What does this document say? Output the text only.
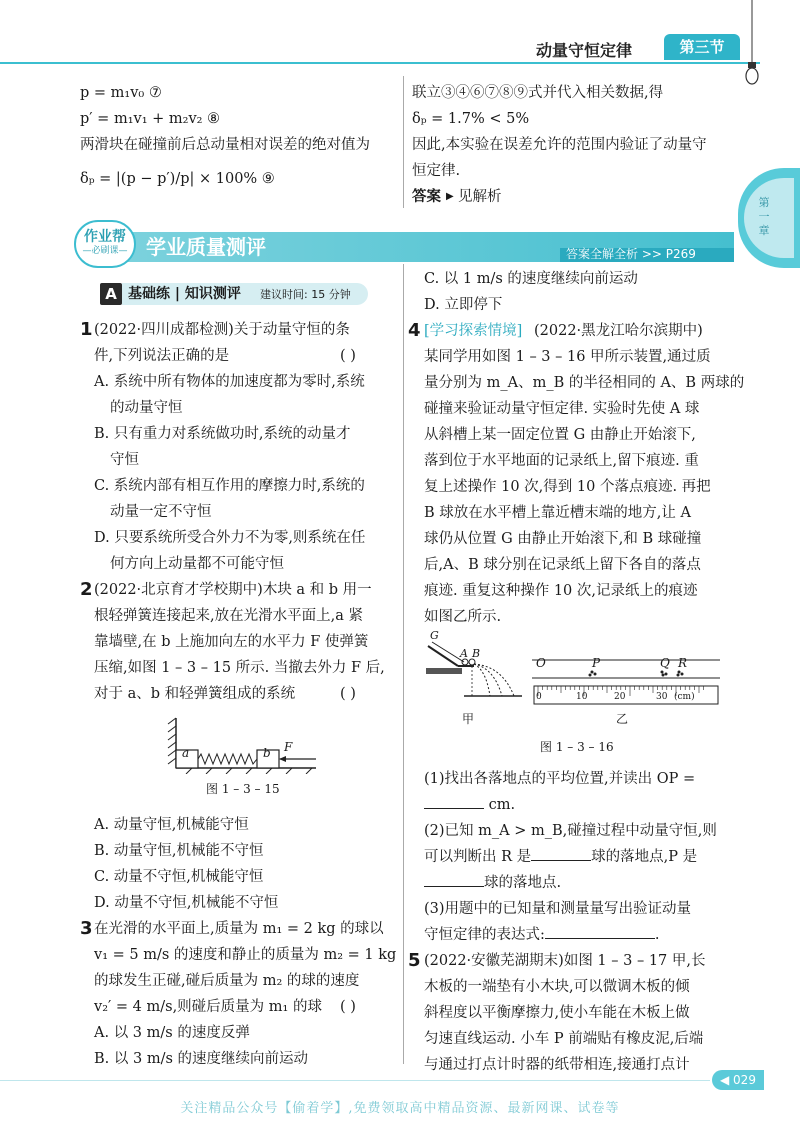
动量守恒定律	第三节
第一章
p = m₁v₀ ⑦
p′ = m₁v₁ + m₂v₂ ⑧
两滑块在碰撞前后总动量相对误差的绝对值为
δₚ = |(p − p′)/p| × 100% ⑨
联立③④⑥⑦⑧⑨式并代入相关数据,得
δₚ = 1.7% < 5%
因此,本实验在误差允许的范围内验证了动量守
恒定律.
答案 ▶ 见解析
作业帮
—必刷课— 学业质量测评	答案全解全析 >> P269
A 基础练 | 知识测评 建议时间: 15 分钟
1 (2022·四川成都检测)关于动量守恒的条
件,下列说法正确的是	( )
A. 系统中所有物体的加速度都为零时,系统
的动量守恒
B. 只有重力对系统做功时,系统的动量才
守恒
C. 系统内部有相互作用的摩擦力时,系统的
动量一定不守恒
D. 只要系统所受合外力不为零,则系统在任
何方向上动量都不可能守恒
2 (2022·北京育才学校期中)木块 a 和 b 用一
根轻弹簧连接起来,放在光滑水平面上,a 紧
靠墙壁,在 b 上施加向左的水平力 F 使弹簧
压缩,如图 1 – 3 – 15 所示. 当撤去外力 F 后,
对于 a、b 和轻弹簧组成的系统	( )
a	b F
图 1 – 3 – 15
A. 动量守恒,机械能守恒
B. 动量守恒,机械能不守恒
C. 动量不守恒,机械能守恒
D. 动量不守恒,机械能不守恒
3 在光滑的水平面上,质量为 m₁ = 2 kg 的球以
v₁ = 5 m/s 的速度和静止的质量为 m₂ = 1 kg
的球发生正碰,碰后质量为 m₂ 的球的速度
v₂′ = 4 m/s,则碰后质量为 m₁ 的球 ( )
A. 以 3 m/s 的速度反弹
B. 以 3 m/s 的速度继续向前运动
C. 以 1 m/s 的速度继续向前运动
D. 立即停下
4 [学习探索情境] (2022·黑龙江哈尔滨期中)
某同学用如图 1 – 3 – 16 甲所示装置,通过质
量分别为 m_A、m_B 的半径相同的 A、B 两球的
碰撞来验证动量守恒定律. 实验时先使 A 球
从斜槽上某一固定位置 G 由静止开始滚下,
落到位于水平地面的记录纸上,留下痕迹. 重
复上述操作 10 次,得到 10 个落点痕迹. 再把
B 球放在水平槽上靠近槽末端的地方,让 A
球仍从位置 G 由静止开始滚下,和 B 球碰撞
后,A、B 球分别在记录纸上留下各自的落点
痕迹. 重复这种操作 10 次,记录纸上的痕迹
如图乙所示.
G
A B
甲
O	P	Q R
0	10	20	30 (cm)
乙
图 1 – 3 – 16
(1)找出各落地点的平均位置,并读出 OP =
cm.
(2)已知 m_A > m_B,碰撞过程中动量守恒,则
可以判断出 R 是	球的落地点,P 是
球的落地点.
(3)用题中的已知量和测量量写出验证动量
守恒定律的表达式:	.
5 (2022·安徽芜湖期末)如图 1 – 3 – 17 甲,长
木板的一端垫有小木块,可以微调木板的倾
斜程度以平衡摩擦力,使小车能在木板上做
匀速直线运动. 小车 P 前端贴有橡皮泥,后端
与通过打点计时器的纸带相连,接通打点计
◀ 029
关注精品公众号【偷着学】,免费领取高中精品资源、最新网课、试卷等
